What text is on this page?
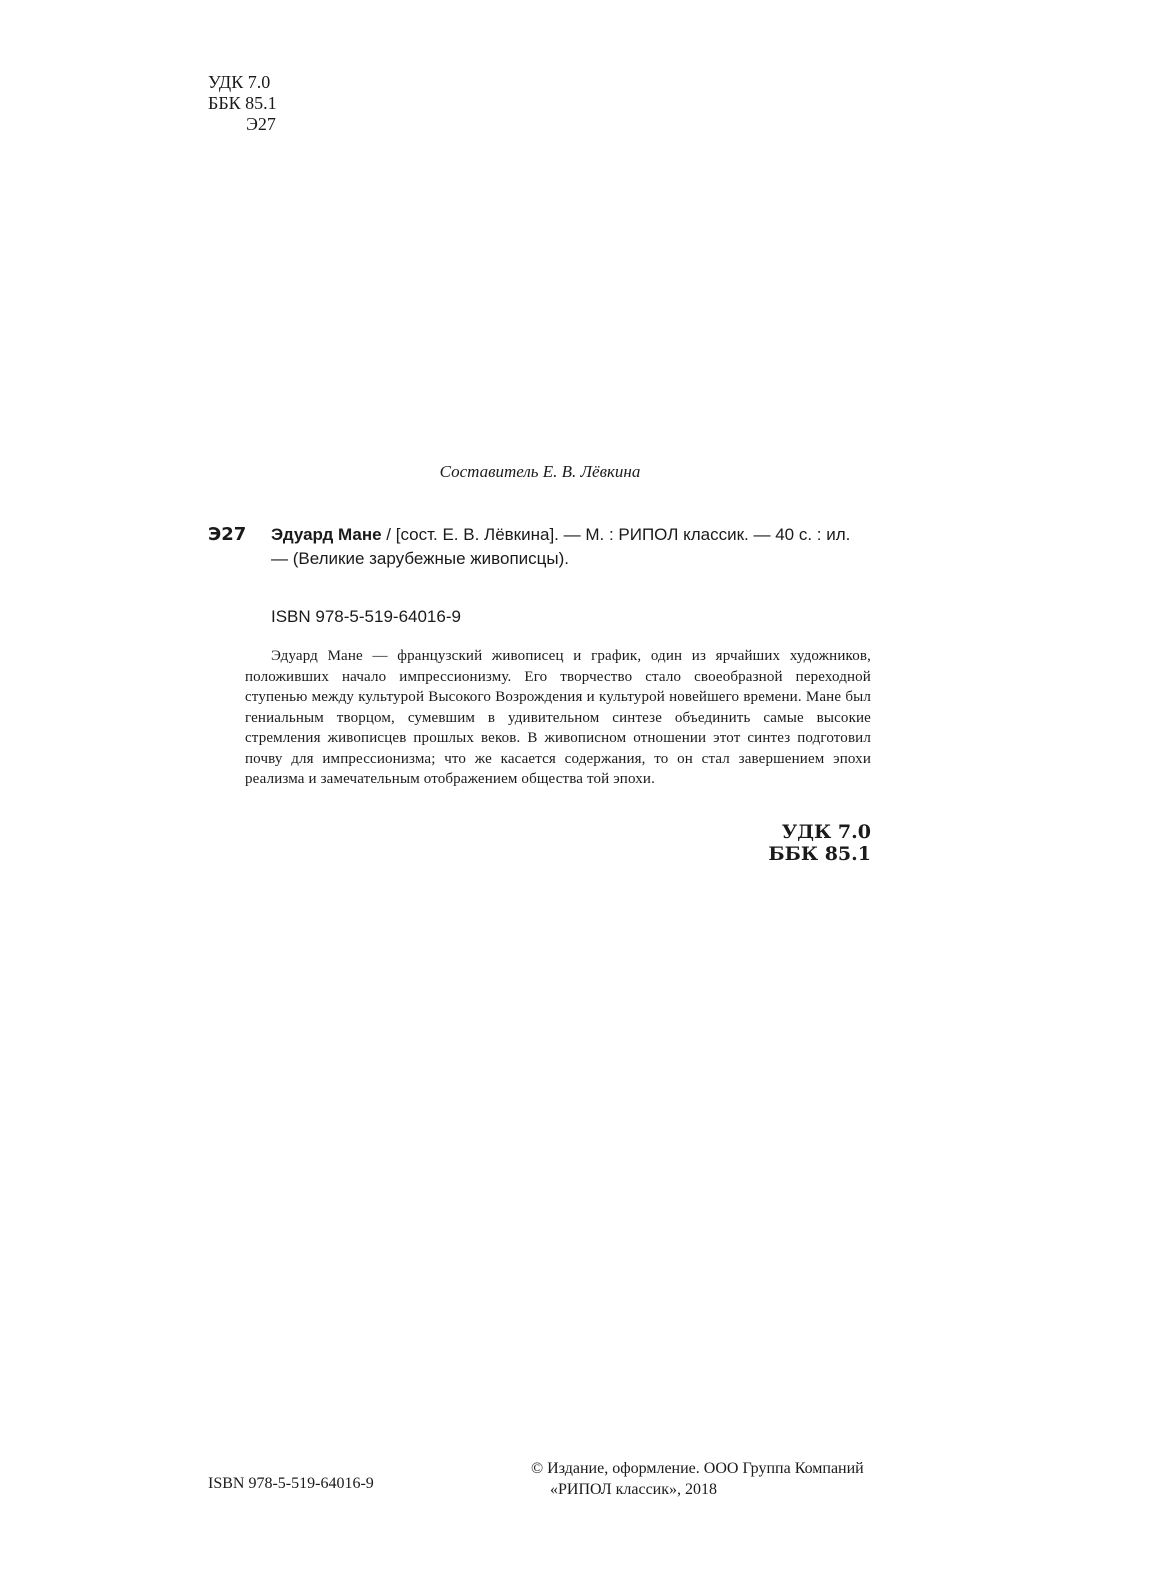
УДК 7.0
ББК 85.1
Э27
Составитель Е. В. Лёвкина
Э27 Эдуард Мане / [сост. Е. В. Лёвкина]. — М. : РИПОЛ классик. — 40 с. : ил. — (Великие зарубежные живописцы).
ISBN 978-5-519-64016-9
Эдуард Мане — французский живописец и график, один из ярчайших художников, положивших начало импрессионизму. Его творчество стало своеобразной переходной ступенью между культурой Высокого Возрождения и культурой новейшего времени. Мане был гениальным творцом, сумевшим в удивительном синтезе объединить самые высокие стремления живописцев прошлых веков. В живописном отношении этот синтез подготовил почву для импрессионизма; что же касается содержания, то он стал завершением эпохи реализма и замечательным отображением общества той эпохи.
УДК 7.0
ББК 85.1
ISBN 978-5-519-64016-9
© Издание, оформление. ООО Группа Компаний
«РИПОЛ классик», 2018
